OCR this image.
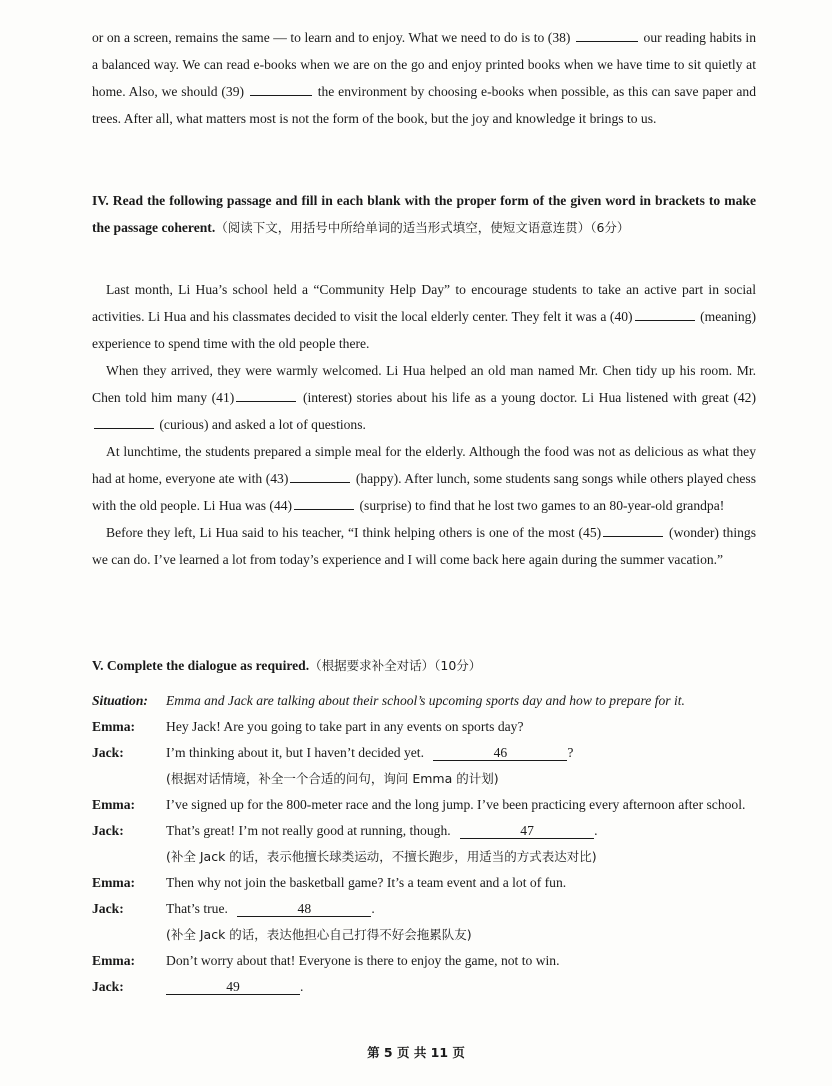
or on a screen, remains the same — to learn and to enjoy. What we need to do is to (38)	our reading habits in a balanced way. We can read e-books when we are on the go and enjoy printed books when we have time to sit quietly at home. Also, we should (39)	the environment by choosing e-books when possible, as this can save paper and trees. After all, what matters most is not the form of the book, but the joy and knowledge it brings to us.

IV. Read the following passage and fill in each blank with the proper form of the given word in brackets to make the passage coherent.（阅读下文，用括号中所给单词的适当形式填空，使短文语意连贯）（6分）

Last month, Li Hua’s school held a “Community Help Day” to encourage students to take an active part in social activities. Li Hua and his classmates decided to visit the local elderly center. They felt it was a (40)	(meaning) experience to spend time with the old people there.

When they arrived, they were warmly welcomed. Li Hua helped an old man named Mr. Chen tidy up his room. Mr. Chen told him many (41)	(interest) stories about his life as a young doctor. Li Hua listened with great (42) (curious) and asked a lot of questions.

At lunchtime, the students prepared a simple meal for the elderly. Although the food was not as delicious as what they had at home, everyone ate with (43)	(happy). After lunch, some students sang songs while others played chess with the old people. Li Hua was (44)	(surprise) to find that he lost two games to an 80-year-old grandpa!

Before they left, Li Hua said to his teacher, “I think helping others is one of the most (45)	(wonder) things we can do. I’ve learned a lot from today’s experience and I will come back here again during the summer vacation.”

V. Complete the dialogue as required.（根据要求补全对话）（10分）

Situation:	Emma and Jack are talking about their school’s upcoming sports day and how to prepare for it.
Emma:	Hey Jack! Are you going to take part in any events on sports day?
Jack:	I’m thinking about it, but I haven’t decided yet.	46	?
(根据对话情境，补全一个合适的问句，询问 Emma 的计划)
Emma:	I’ve signed up for the 800-meter race and the long jump. I’ve been practicing every afternoon after school.
Jack:	That’s great! I’m not really good at running, though.	47	.
(补全 Jack 的话，表示他擅长球类运动，不擅长跑步，用适当的方式表达对比)
Emma:	Then why not join the basketball game? It’s a team event and a lot of fun.
Jack:	That’s true.	48	.
(补全 Jack 的话，表达他担心自己打得不好会拖累队友)
Emma:	Don’t worry about that! Everyone is there to enjoy the game, not to win.
Jack:	49	.
第 5 页 共 11 页
